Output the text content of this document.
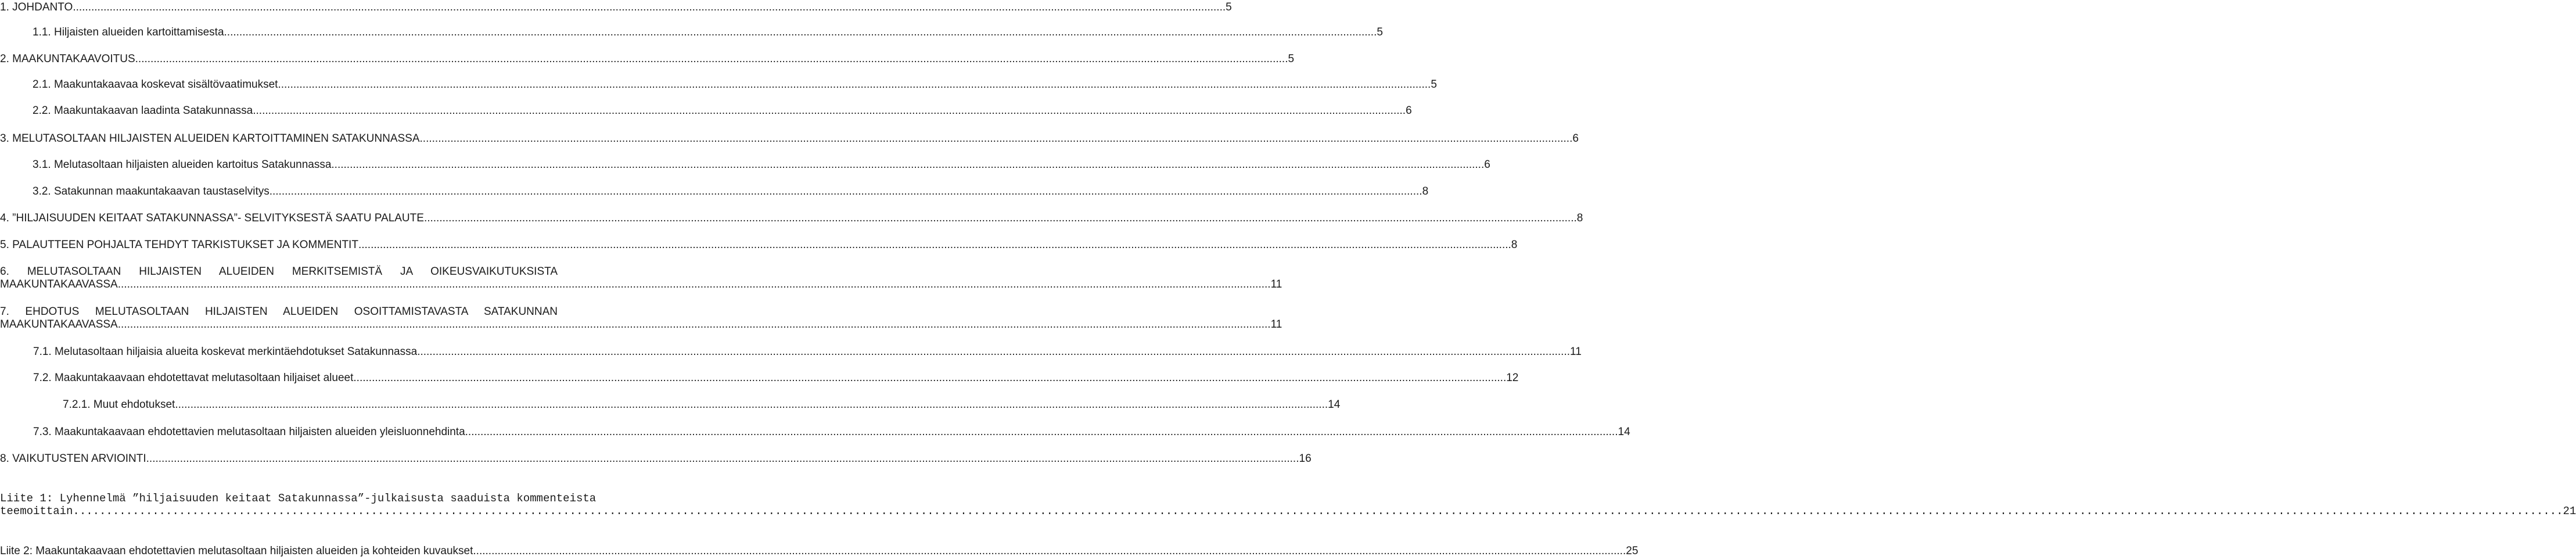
1. JOHDANTO .....	5
1.1. Hiljaisten alueiden kartoittamisesta .....	5
2. MAAKUNTAKAAVOITUS .....	5
2.1. Maakuntakaavaa koskevat sisältövaatimukset .....	5
2.2. Maakuntakaavan laadinta Satakunnassa .....	6
3. MELUTASOLTAAN HILJAISTEN ALUEIDEN KARTOITTAMINEN SATAKUNNASSA .....	6
3.1. Melutasoltaan hiljaisten alueiden kartoitus Satakunnassa .....	6
3.2. Satakunnan maakuntakaavan taustaselvitys .....	8
4. ”HILJAISUUDEN KEITAAT SATAKUNNASSA”- SELVITYKSESTÄ SAATU PALAUTE .....	8
5. PALAUTTEEN POHJALTA TEHDYT TARKISTUKSET JA KOMMENTIT .....	8
6. MELUTASOLTAAN HILJAISTEN ALUEIDEN MERKITSEMISTÄ JA OIKEUSVAIKUTUKSISTA
MAAKUNTAKAAVASSA .....	11
7. EHDOTUS MELUTASOLTAAN HILJAISTEN ALUEIDEN OSOITTAMISTAVASTA SATAKUNNAN
MAAKUNTAKAAVASSA .....	11
7.1. Melutasoltaan hiljaisia alueita koskevat merkintäehdotukset Satakunnassa .....	11
7.2. Maakuntakaavaan ehdotettavat melutasoltaan hiljaiset alueet .....	12
7.2.1. Muut ehdotukset .....	14
7.3. Maakuntakaavaan ehdotettavien melutasoltaan hiljaisten alueiden yleisluonnehdinta .....	14
8. VAIKUTUSTEN ARVIOINTI .....	16
Liite 1: Lyhennelmä ”hiljaisuuden keitaat Satakunnassa”-julkaisusta saaduista kommenteista
teemoittain .....	21
Liite 2: Maakuntakaavaan ehdotettavien melutasoltaan hiljaisten alueiden ja kohteiden kuvaukset .....	25
